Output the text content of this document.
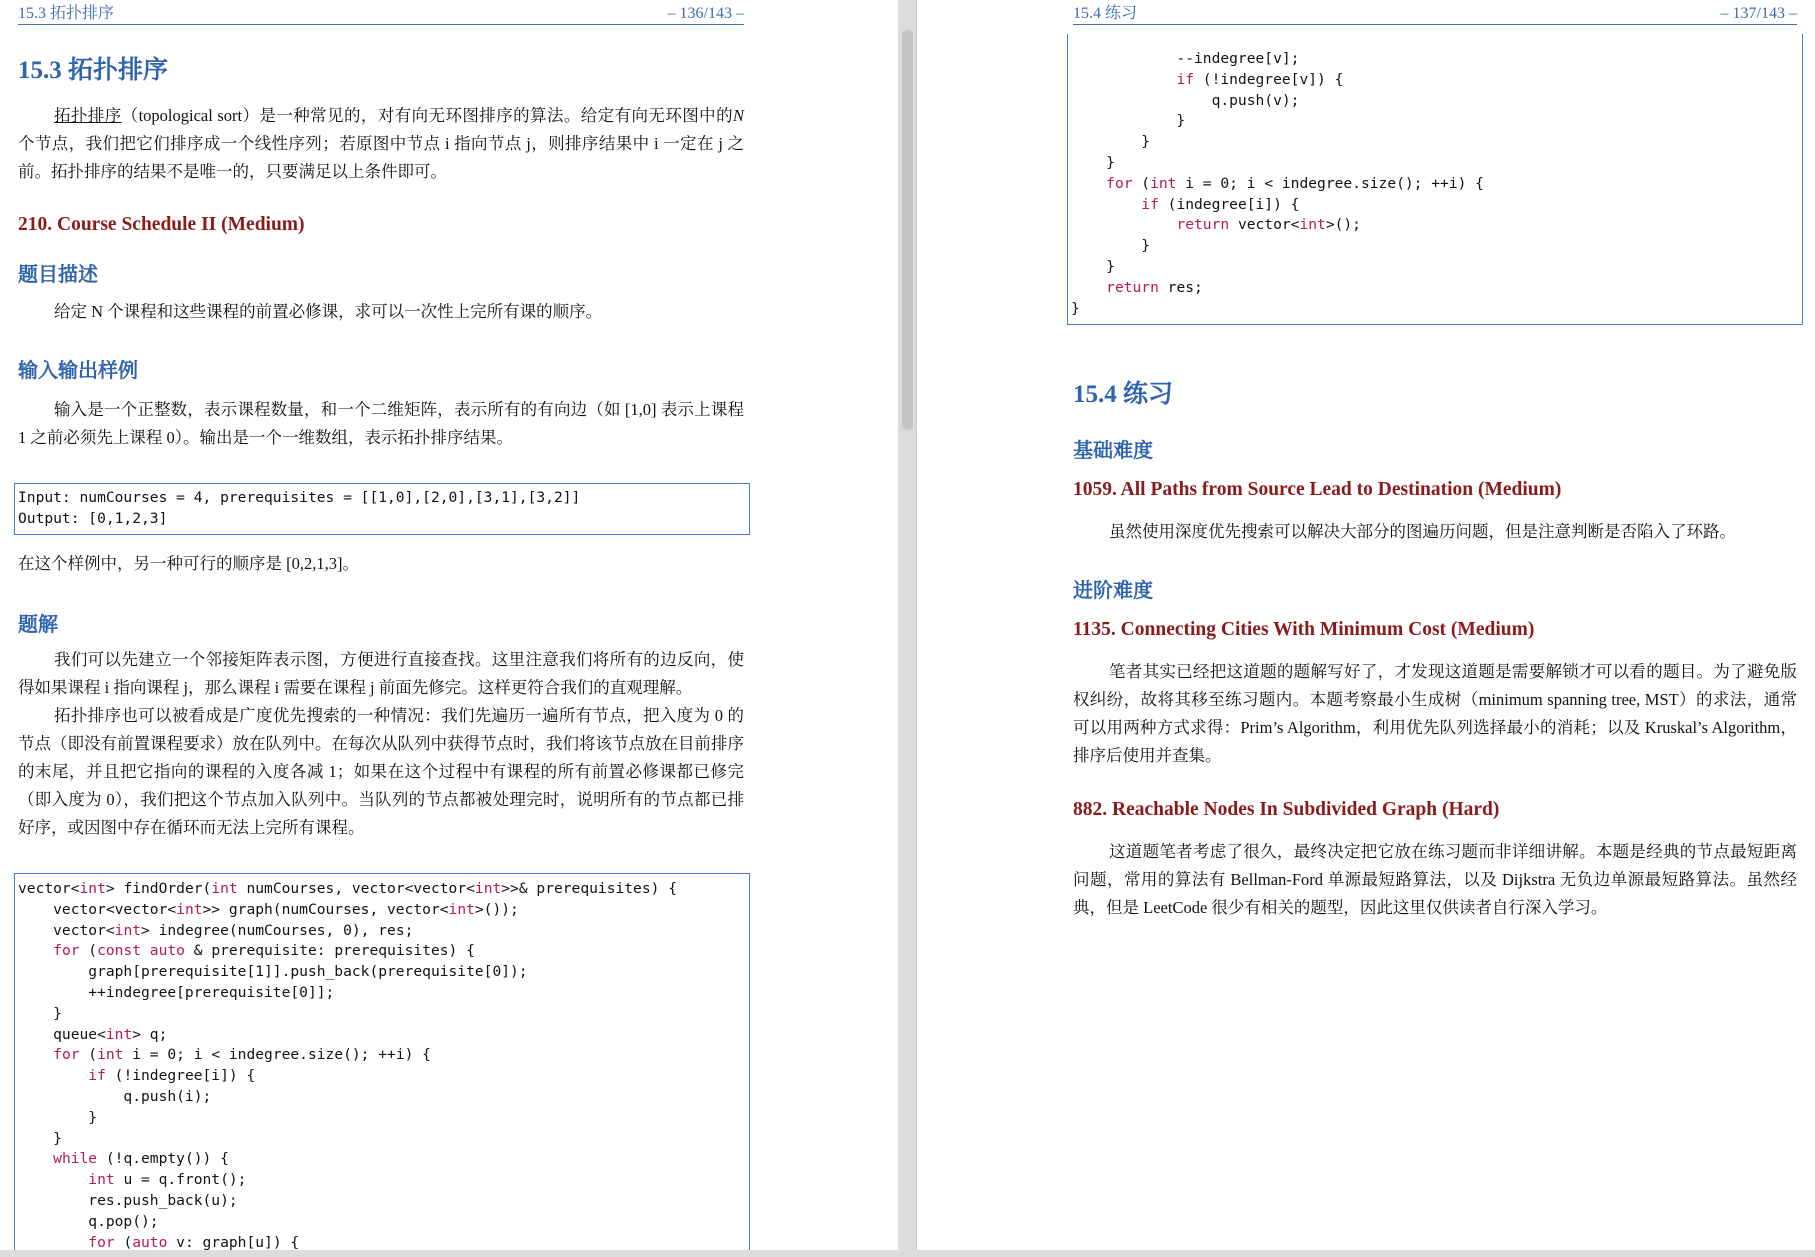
15.3 拓扑排序	– 136/143 –
15.3 拓扑排序

拓扑排序（topological sort）是一种常见的，对有向无环图排序的算法。给定有向无环图中的N 个节点，我们把它们排序成一个线性序列；若原图中节点 i 指向节点 j，则排序结果中 i 一定在 j 之前。拓扑排序的结果不是唯一的，只要满足以上条件即可。

210. Course Schedule II (Medium)
题目描述

给定 N 个课程和这些课程的前置必修课，求可以一次性上完所有课的顺序。

输入输出样例

输入是一个正整数，表示课程数量，和一个二维矩阵，表示所有的有向边（如 [1,0] 表示上课程 1 之前必须先上课程 0）。输出是一个一维数组，表示拓扑排序结果。

Input: numCourses = 4, prerequisites = [[1,0],[2,0],[3,1],[3,2]]
Output: [0,1,2,3]

在这个样例中，另一种可行的顺序是 [0,2,1,3]。

题解

我们可以先建立一个邻接矩阵表示图，方便进行直接查找。这里注意我们将所有的边反向，使得如果课程 i 指向课程 j，那么课程 i 需要在课程 j 前面先修完。这样更符合我们的直观理解。

拓扑排序也可以被看成是广度优先搜索的一种情况：我们先遍历一遍所有节点，把入度为 0 的节点（即没有前置课程要求）放在队列中。在每次从队列中获得节点时，我们将该节点放在目前排序的末尾，并且把它指向的课程的入度各减 1；如果在这个过程中有课程的所有前置必修课都已修完（即入度为 0），我们把这个节点加入队列中。当队列的节点都被处理完时，说明所有的节点都已排好序，或因图中存在循环而无法上完所有课程。

vector<int> findOrder(int numCourses, vector<vector<int>>& prerequisites) {
vector<vector<int>> graph(numCourses, vector<int>());
vector<int> indegree(numCourses, 0), res;
for (const auto & prerequisite: prerequisites) {
graph[prerequisite[1]].push_back(prerequisite[0]);
++indegree[prerequisite[0]];
}
queue<int> q;
for (int i = 0; i < indegree.size(); ++i) {
if (!indegree[i]) {
q.push(i);
}
}
while (!q.empty()) {
int u = q.front();
res.push_back(u);
q.pop();
for (auto v: graph[u]) {
15.4 练习	– 137/143 –
--indegree[v];
if (!indegree[v]) {
q.push(v);
}
}
}
for (int i = 0; i < indegree.size(); ++i) {
if (indegree[i]) {
return vector<int>();
}
}
return res;
}
15.4 练习
基础难度
1059. All Paths from Source Lead to Destination (Medium)

虽然使用深度优先搜索可以解决大部分的图遍历问题，但是注意判断是否陷入了环路。

进阶难度
1135. Connecting Cities With Minimum Cost (Medium)

笔者其实已经把这道题的题解写好了，才发现这道题是需要解锁才可以看的题目。为了避免版权纠纷，故将其移至练习题内。本题考察最小生成树（minimum spanning tree, MST）的求法，通常可以用两种方式求得：Prim’s Algorithm，利用优先队列选择最小的消耗；以及 Kruskal’s Algorithm，排序后使用并查集。

882. Reachable Nodes In Subdivided Graph (Hard)

这道题笔者考虑了很久，最终决定把它放在练习题而非详细讲解。本题是经典的节点最短距离问题，常用的算法有 Bellman-Ford 单源最短路算法，以及 Dijkstra 无负边单源最短路算法。虽然经典，但是 LeetCode 很少有相关的题型，因此这里仅供读者自行深入学习。
